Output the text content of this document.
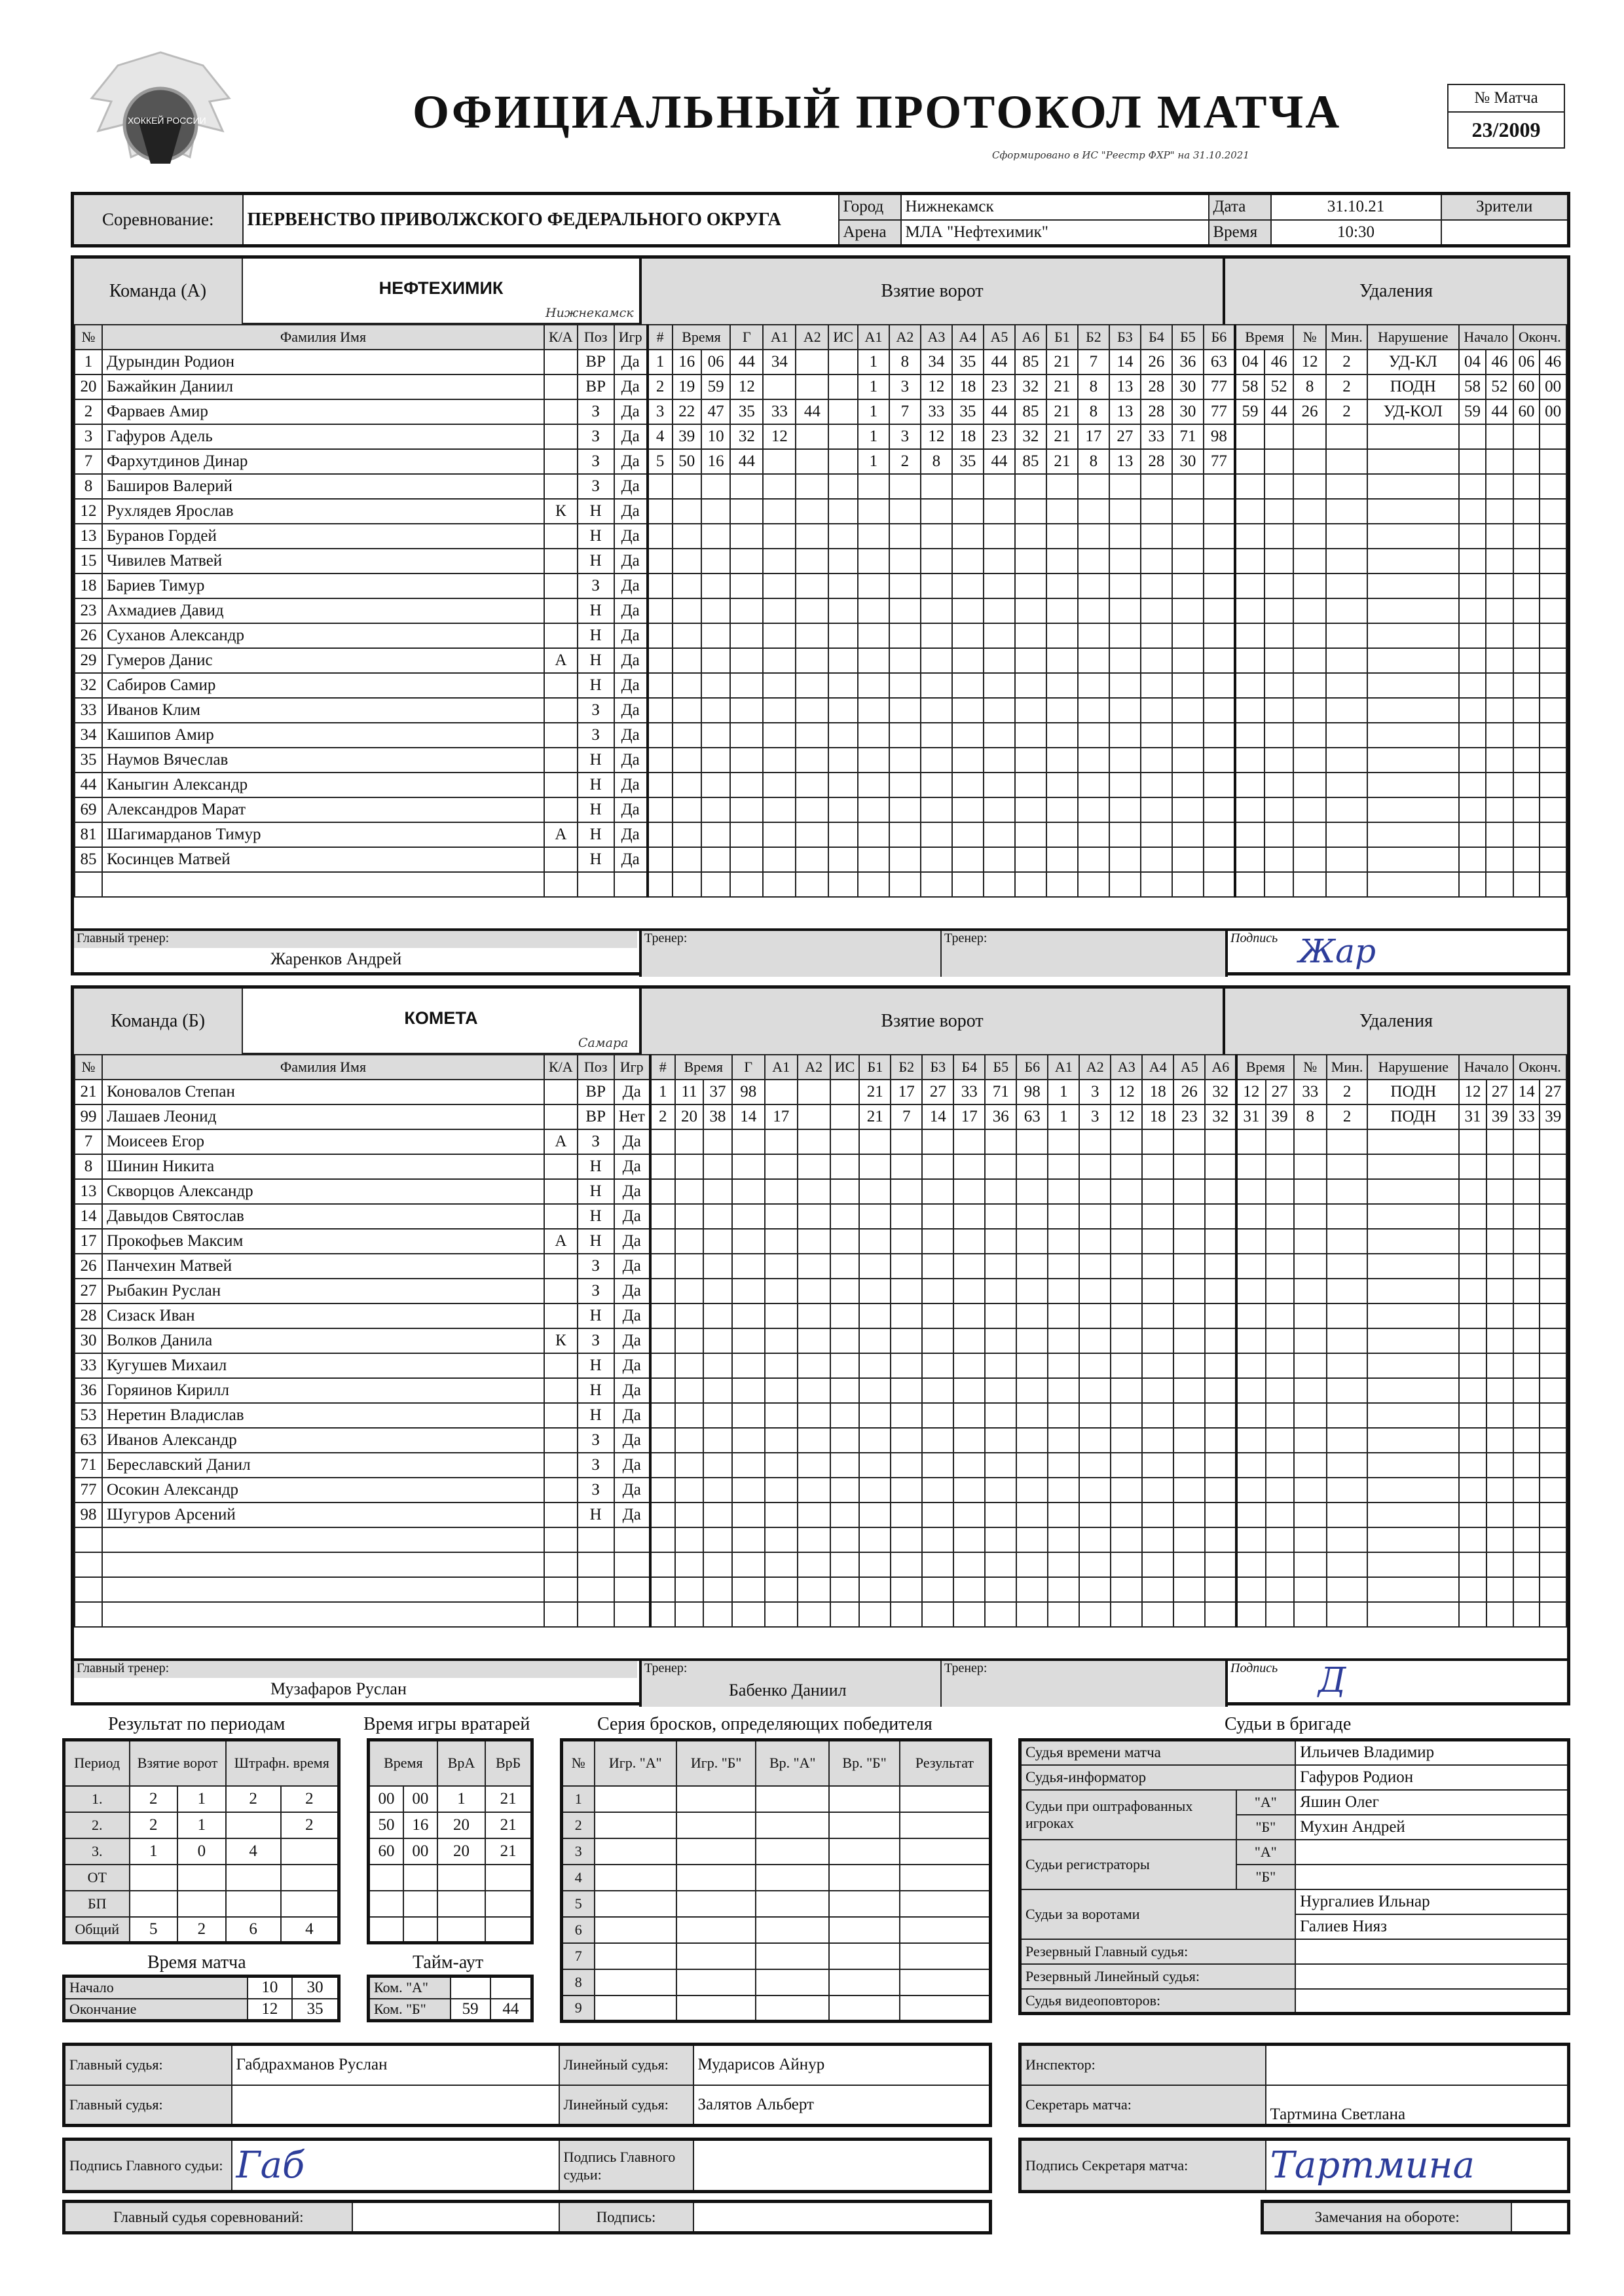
ХОККЕЙ РОССИИ	ОФИЦИАЛЬНЫЙ ПРОТОКОЛ МАТЧА
Сформировано в ИС "Реестр ФХР" на 31.10.2021
№ Матча
23/2009
Соревнование:	ПЕРВЕНСТВО ПРИВОЛЖСКОГО ФЕДЕРАЛЬНОГО ОКРУГА	Город	Нижнекамск	Дата	31.10.21	Зрители
		Арена	МЛА "Нефтехимик"	Время	10:30	
Команда (А)	НЕФТЕХИМИК
Нижнекамск
Взятие ворот	Удаления
№	Фамилия Имя	К/А	Поз	Игр	#	Время		Г	А1	А2	ИС	А1	А2	А3	А4	А5	А6	Б1	Б2	Б3	Б4	Б5	Б6	Время		№	Мин.	Нарушение	Начало		Оконч.	
1	Дурындин Родион		ВР	Да	1	16	06	44	34			1	8	34	35	44	85	21	7	14	26	36	63	04	46	12	2	УД-КЛ	04	46	06	46
20	Бажайкин Даниил		ВР	Да	2	19	59	12				1	3	12	18	23	32	21	8	13	28	30	77	58	52	8	2	ПОДН	58	52	60	00
2	Фарваев Амир		З	Да	3	22	47	35	33	44		1	7	33	35	44	85	21	8	13	28	30	77	59	44	26	2	УД-КОЛ	59	44	60	00
3	Гафуров Адель		З	Да	4	39	10	32	12			1	3	12	18	23	32	21	17	27	33	71	98									
7	Фархутдинов Динар		З	Да	5	50	16	44				1	2	8	35	44	85	21	8	13	28	30	77									
8	Баширов Валерий		З	Да																												
12	Рухлядев Ярослав	К	Н	Да																												
13	Буранов Гордей		Н	Да																												
15	Чивилев Матвей		Н	Да																												
18	Бариев Тимур		З	Да																												
23	Ахмадиев Давид		Н	Да																												
26	Суханов Александр		Н	Да																												
29	Гумеров Данис	А	Н	Да																												
32	Сабиров Самир		Н	Да																												
33	Иванов Клим		З	Да																												
34	Кашипов Амир		З	Да																												
35	Наумов Вячеслав		Н	Да																												
44	Каныгин Александр		Н	Да																												
69	Александров Марат		Н	Да																												
81	Шагимарданов Тимур	А	Н	Да																												
85	Косинцев Матвей		Н	Да																												

Главный тренер:
Жаренков Андрей
Тренер:	Тренер:	Подпись Жар
Команда (Б)	КОМЕТА
Самара
Взятие ворот	Удаления
№	Фамилия Имя	К/А	Поз	Игр	#	Время		Г	А1	А2	ИС	Б1	Б2	Б3	Б4	Б5	Б6	А1	А2	А3	А4	А5	А6	Время		№	Мин.	Нарушение	Начало		Оконч.	
21	Коновалов Степан		ВР	Да	1	11	37	98				21	17	27	33	71	98	1	3	12	18	26	32	12	27	33	2	ПОДН	12	27	14	27
99	Лашаев Леонид		ВР	Нет	2	20	38	14	17			21	7	14	17	36	63	1	3	12	18	23	32	31	39	8	2	ПОДН	31	39	33	39
7	Моисеев Егор	А	З	Да																												
8	Шинин Никита		Н	Да																												
13	Скворцов Александр		Н	Да																												
14	Давыдов Святослав		Н	Да																												
17	Прокофьев Максим	А	Н	Да																												
26	Панчехин Матвей		З	Да																												
27	Рыбакин Руслан		З	Да																												
28	Сизаск Иван		Н	Да																												
30	Волков Данила	К	З	Да																												
33	Кугушев Михаил		Н	Да																												
36	Горяинов Кирилл		Н	Да																												
53	Неретин Владислав		Н	Да																												
63	Иванов Александр		З	Да																												
71	Береславский Данил		З	Да																												
77	Осокин Александр		З	Да																												
98	Шугуров Арсений		Н	Да																												

Главный тренер:
Музафаров Руслан
Тренер:
Бабенко Даниил
Тренер:	Подпись	Д
Результат по периодам
Период	Взятие ворот		Штрафн. время	
1.	2	1	2	2
2.	2	1		2
3.	1	0	4	
ОТ				
БП				
Общий	5	2	6	4
Время игры вратарей
Время		ВрА	ВрБ
00	00	1	21
50	16	20	21
60	00	20	21

Время матча
Начало	10	30
Окончание	12	35
Тайм-аут
Ком. "А"		
Ком. "Б"	59	44
Серия бросков, определяющих победителя
№	Игр. "А"	Игр. "Б"	Вр. "А"	Вр. "Б"	Результат
1					
2					
3					
4					
5					
6					
7					
8					
9					
Судьи в бригаде
Судья времени матча		Ильичев Владимир
Судья-информатор		Гафуров Родион
Судьи при оштрафованных игроках	"А"	Яшин Олег
	"Б"	Мухин Андрей
Судьи регистраторы	"А"	
	"Б"	
Судьи за воротами		Нургалиев Ильнар
		Галиев Нияз
Резервный Главный судья:		
Резервный Линейный судья:		
Судья видеоповторов:		
Главный судья:	Габдрахманов Руслан	Линейный судья:	Мударисов Айнур
Главный судья:		Линейный судья:	Залятов Альберт
Инспектор:	
Секретарь матча:	Тартмина Светлана
Подпись Главного судьи:	Габ	Подпись Главного судьи:	
Подпись Секретаря матча:	Тартмина
Главный судья соревнований:		Подпись:		Замечания на обороте:	
